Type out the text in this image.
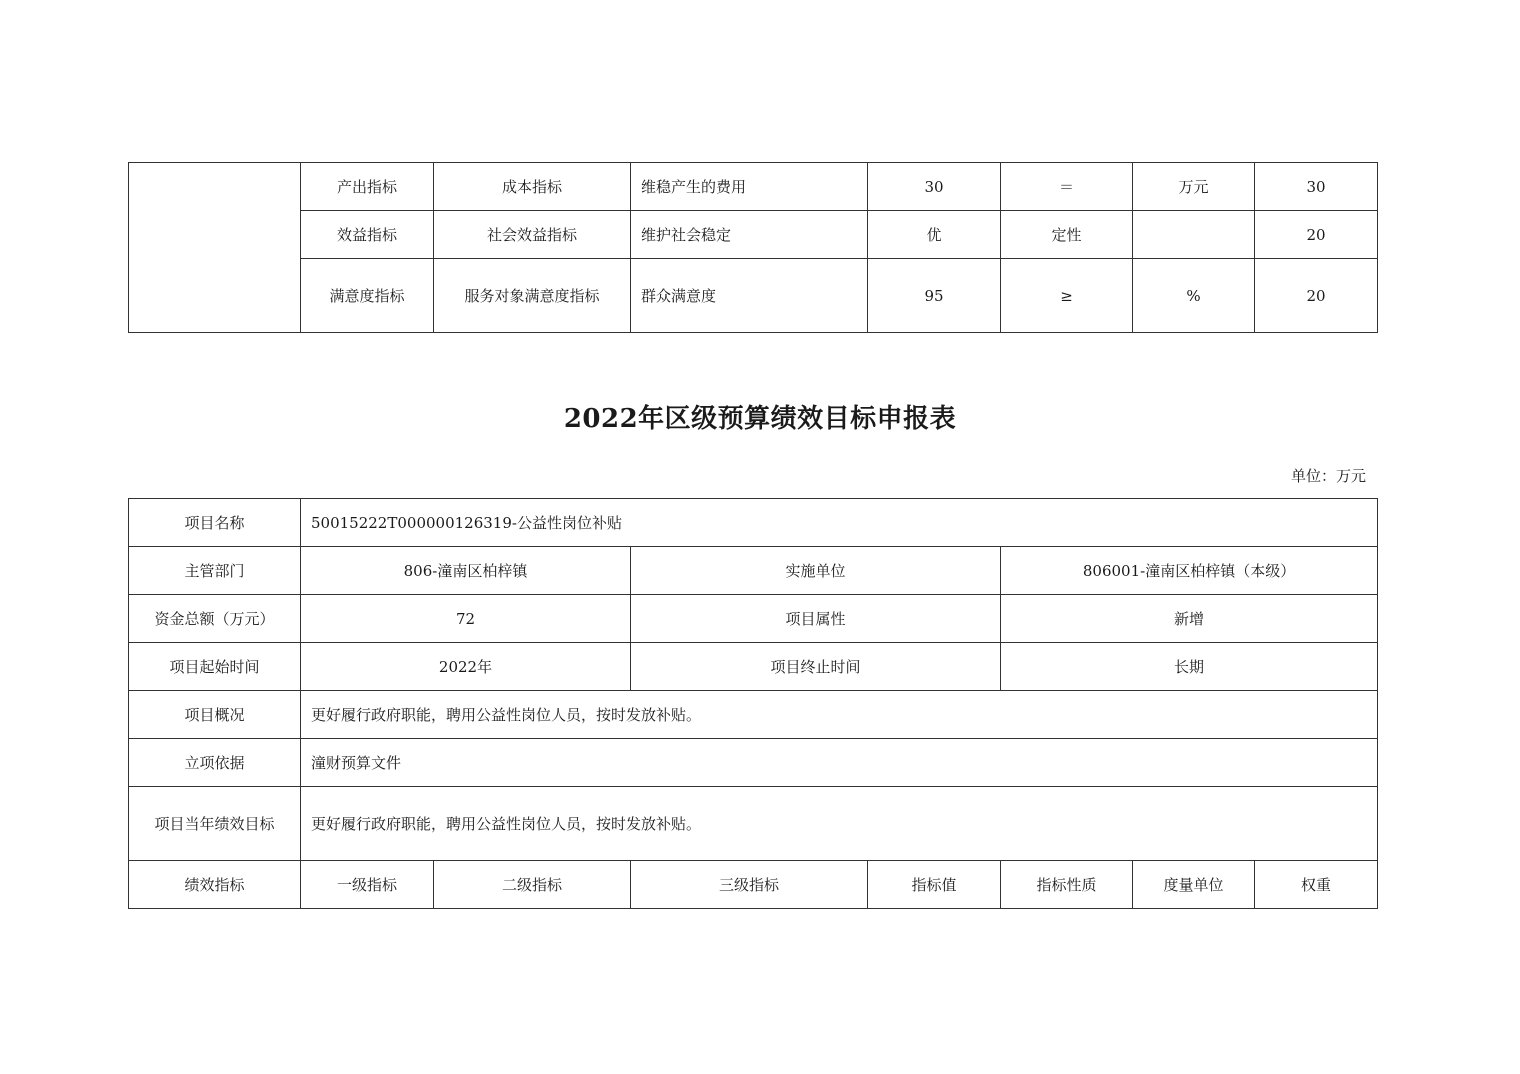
	产出指标	成本指标	维稳产生的费用	30	＝	万元	30
	效益指标	社会效益指标	维护社会稳定	优	定性		20
	满意度指标	服务对象满意度指标	群众满意度	95	≥	%	20
2022年区级预算绩效目标申报表
单位：万元
项目名称	50015222T000000126319-公益性岗位补贴						
主管部门	806-潼南区柏梓镇		实施单位		806001-潼南区柏梓镇（本级）		
资金总额（万元）	72		项目属性		新增		
项目起始时间	2022年		项目终止时间		长期		
项目概况	更好履行政府职能，聘用公益性岗位人员，按时发放补贴。						
立项依据	潼财预算文件						
项目当年绩效目标	更好履行政府职能，聘用公益性岗位人员，按时发放补贴。						
绩效指标	一级指标	二级指标	三级指标	指标值	指标性质	度量单位	权重
